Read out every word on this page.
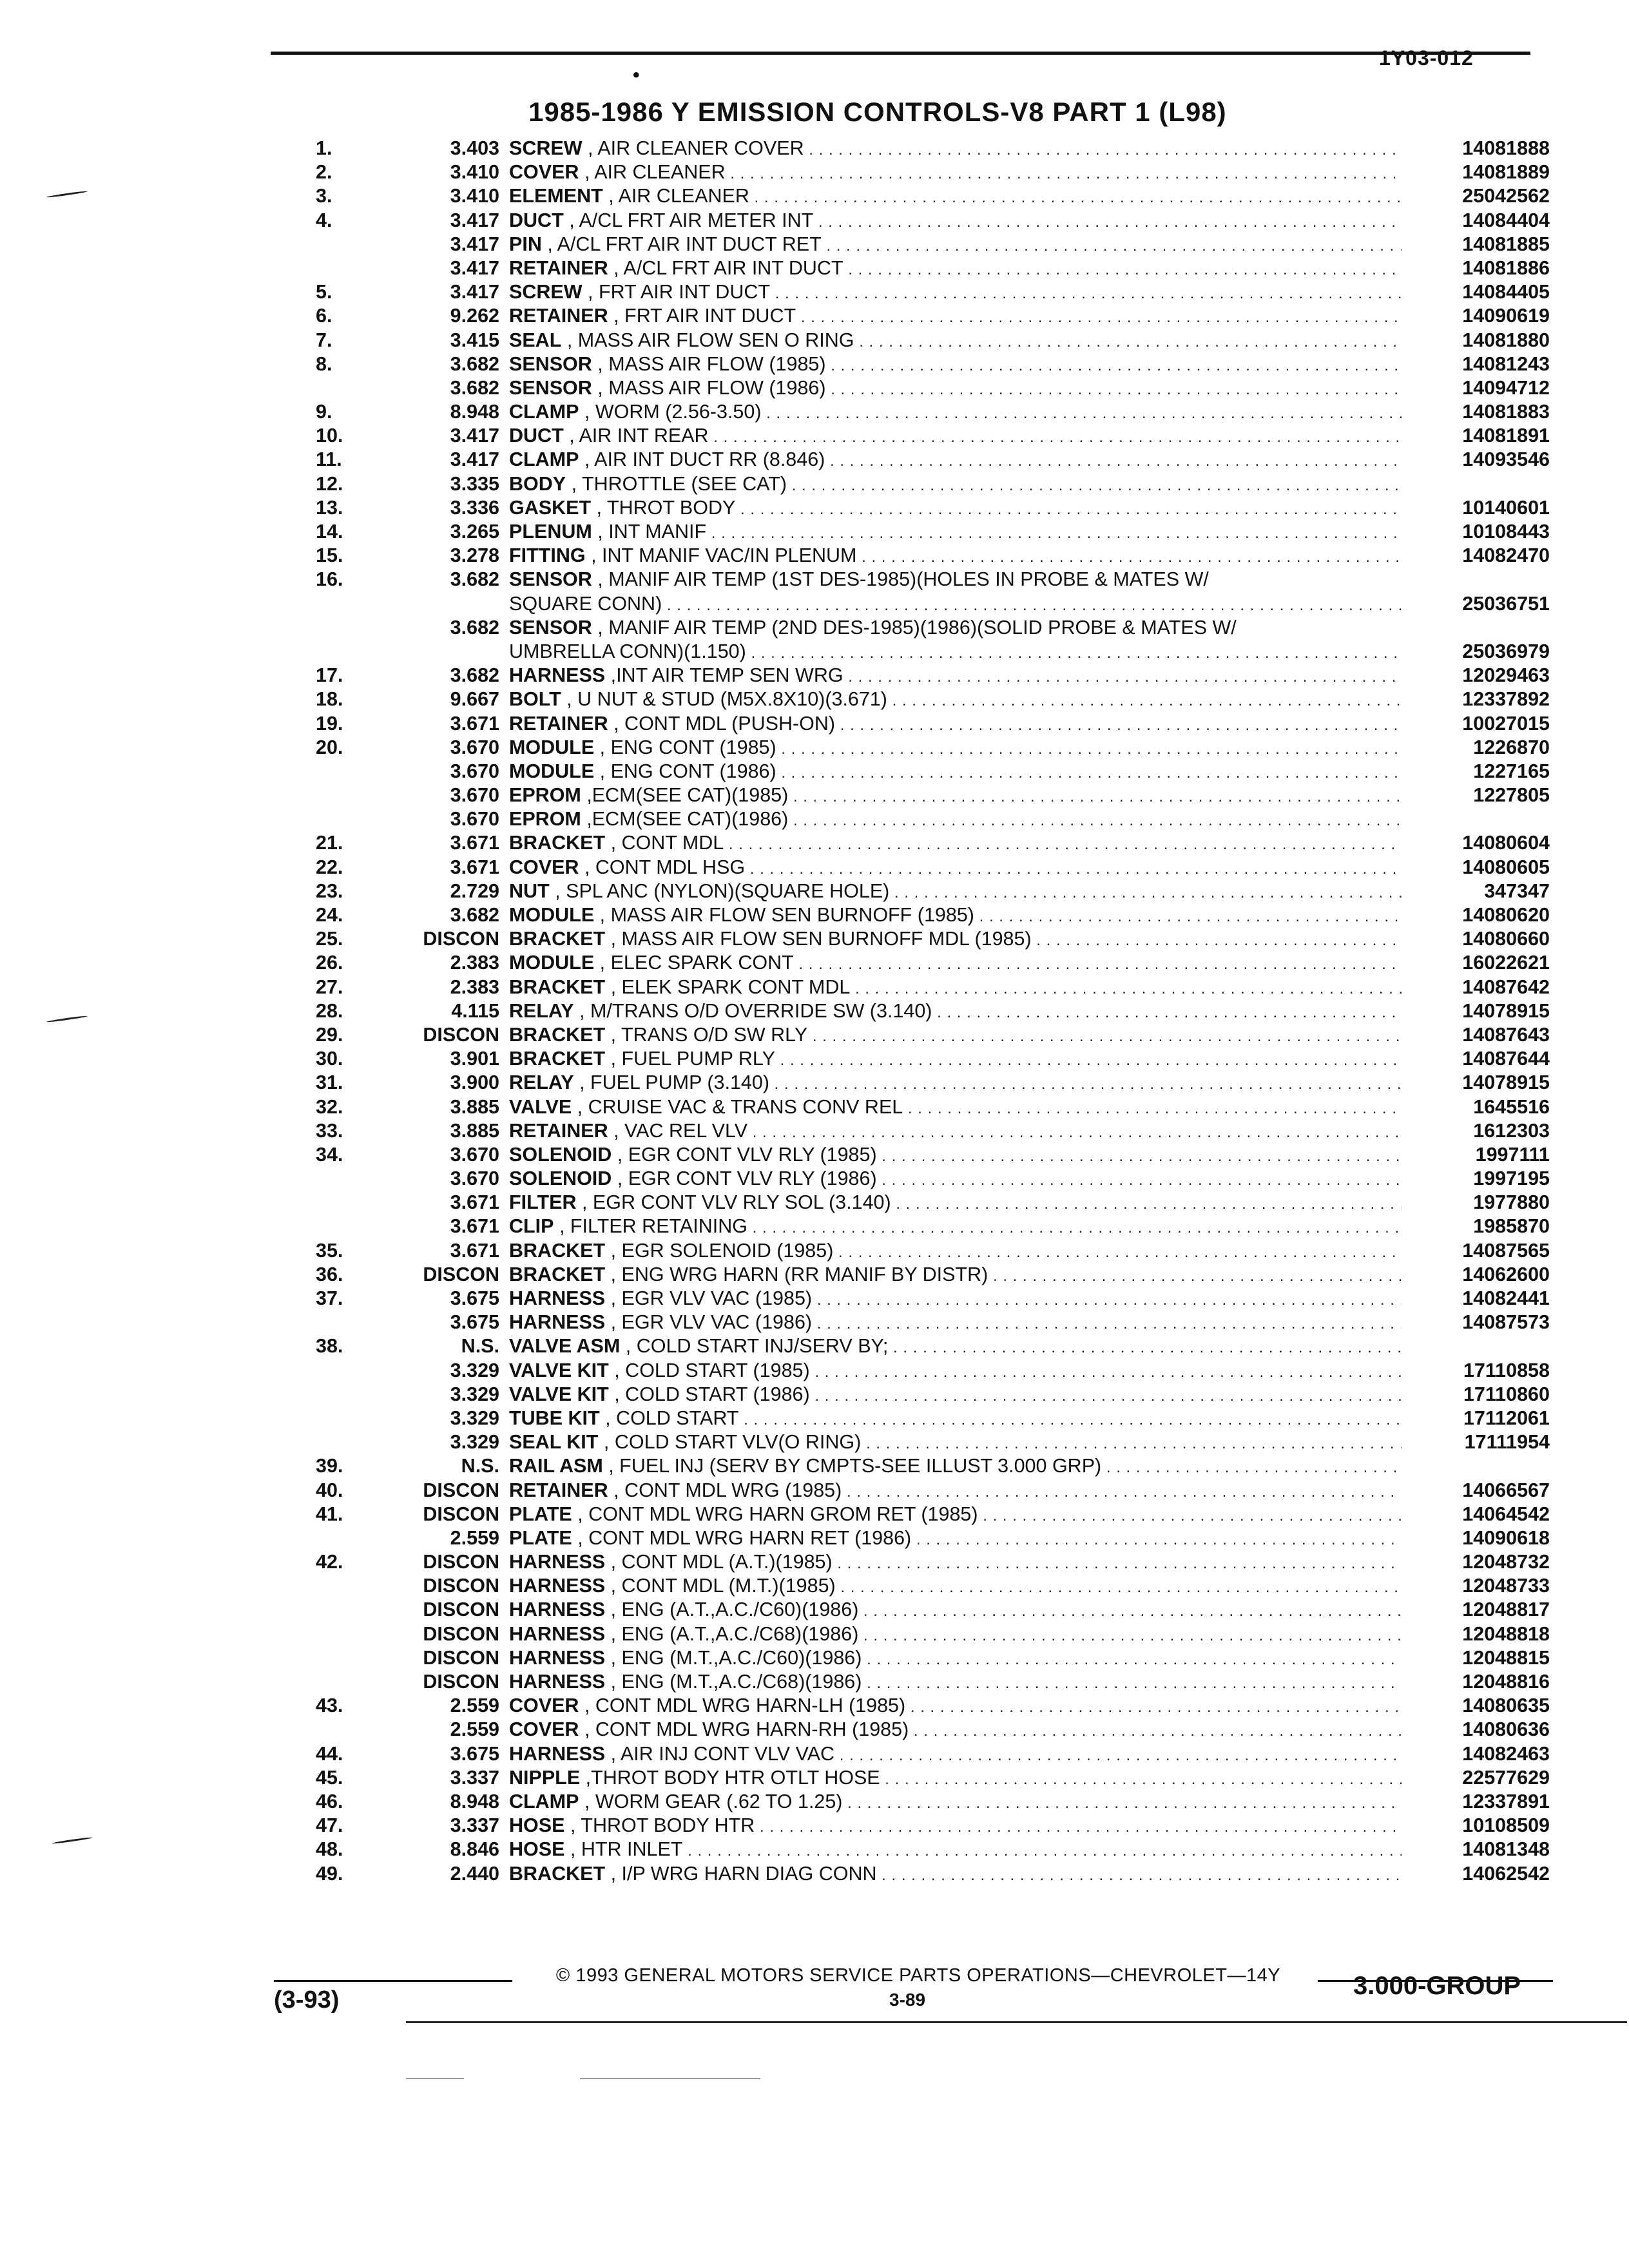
1Y03-012
•
1985-1986 Y EMISSION CONTROLS-V8 PART 1 (L98)
1.	3.403 SCREW , AIR CLEANER COVER . . .	14081888
2.	3.410 COVER , AIR CLEANER . . .	14081889
3.	3.410 ELEMENT , AIR CLEANER . . .	25042562
4.	3.417 DUCT , A/CL FRT AIR METER INT . . .	14084404
3.417 PIN , A/CL FRT AIR INT DUCT RET . . .	14081885
3.417 RETAINER , A/CL FRT AIR INT DUCT . . .	14081886
5.	3.417 SCREW , FRT AIR INT DUCT . . .	14084405
6.	9.262 RETAINER , FRT AIR INT DUCT . . .	14090619
7.	3.415 SEAL , MASS AIR FLOW SEN O RING . . .	14081880
8.	3.682 SENSOR , MASS AIR FLOW (1985) . . .	14081243
3.682 SENSOR , MASS AIR FLOW (1986) . . .	14094712
9.	8.948 CLAMP , WORM (2.56-3.50) . . .	14081883
10.	3.417 DUCT , AIR INT REAR . . .	14081891
11.	3.417 CLAMP , AIR INT DUCT RR (8.846) . . .	14093546
12.	3.335 BODY , THROTTLE (SEE CAT) . . .
13.	3.336 GASKET , THROT BODY . . .	10140601
14.	3.265 PLENUM , INT MANIF . . .	10108443
15.	3.278 FITTING , INT MANIF VAC/IN PLENUM . . .	14082470
16.	3.682 SENSOR , MANIF AIR TEMP (1ST DES-1985)(HOLES IN PROBE & MATES W/
SQUARE CONN) . . .	25036751
3.682 SENSOR , MANIF AIR TEMP (2ND DES-1985)(1986)(SOLID PROBE & MATES W/
UMBRELLA CONN)(1.150) . . .	25036979
17.	3.682 HARNESS ,INT AIR TEMP SEN WRG . . .	12029463
18.	9.667 BOLT , U NUT & STUD (M5X.8X10)(3.671) . . .	12337892
19.	3.671 RETAINER , CONT MDL (PUSH-ON) . . .	10027015
20.	3.670 MODULE , ENG CONT (1985) . . .	1226870
3.670 MODULE , ENG CONT (1986) . . .	1227165
3.670 EPROM ,ECM(SEE CAT)(1985) . . .	1227805
3.670 EPROM ,ECM(SEE CAT)(1986) . . .
21.	3.671 BRACKET , CONT MDL . . .	14080604
22.	3.671 COVER , CONT MDL HSG . . .	14080605
23.	2.729 NUT , SPL ANC (NYLON)(SQUARE HOLE) . . .	347347
24.	3.682 MODULE , MASS AIR FLOW SEN BURNOFF (1985) . . .	14080620
25.	DISCON BRACKET , MASS AIR FLOW SEN BURNOFF MDL (1985) . . .	14080660
26.	2.383 MODULE , ELEC SPARK CONT . . .	16022621
27.	2.383 BRACKET , ELEK SPARK CONT MDL . . .	14087642
28.	4.115 RELAY , M/TRANS O/D OVERRIDE SW (3.140) . . .	14078915
29.	DISCON BRACKET , TRANS O/D SW RLY . . .	14087643
30.	3.901 BRACKET , FUEL PUMP RLY . . .	14087644
31.	3.900 RELAY , FUEL PUMP (3.140) . . .	14078915
32.	3.885 VALVE , CRUISE VAC & TRANS CONV REL . . .	1645516
33.	3.885 RETAINER , VAC REL VLV . . .	1612303
34.	3.670 SOLENOID , EGR CONT VLV RLY (1985) . . .	1997111
3.670 SOLENOID , EGR CONT VLV RLY (1986) . . .	1997195
3.671 FILTER , EGR CONT VLV RLY SOL (3.140) . . .	1977880
3.671 CLIP , FILTER RETAINING . . .	1985870
35.	3.671 BRACKET , EGR SOLENOID (1985) . . .	14087565
36.	DISCON BRACKET , ENG WRG HARN (RR MANIF BY DISTR) . . .	14062600
37.	3.675 HARNESS , EGR VLV VAC (1985) . . .	14082441
3.675 HARNESS , EGR VLV VAC (1986) . . .	14087573
38.	N.S. VALVE ASM , COLD START INJ/SERV BY; . . .
3.329 VALVE KIT , COLD START (1985) . . .	17110858
3.329 VALVE KIT , COLD START (1986) . . .	17110860
3.329 TUBE KIT , COLD START . . .	17112061
3.329 SEAL KIT , COLD START VLV(O RING) . . .	17111954
39.	N.S. RAIL ASM , FUEL INJ (SERV BY CMPTS-SEE ILLUST 3.000 GRP) . . .
40.	DISCON RETAINER , CONT MDL WRG (1985) . . .	14066567
41.	DISCON PLATE , CONT MDL WRG HARN GROM RET (1985) . . .	14064542
2.559 PLATE , CONT MDL WRG HARN RET (1986) . . .	14090618
42.	DISCON HARNESS , CONT MDL (A.T.)(1985) . . .	12048732
DISCON HARNESS , CONT MDL (M.T.)(1985) . . .	12048733
DISCON HARNESS , ENG (A.T.,A.C./C60)(1986) . . .	12048817
DISCON HARNESS , ENG (A.T.,A.C./C68)(1986) . . .	12048818
DISCON HARNESS , ENG (M.T.,A.C./C60)(1986) . . .	12048815
DISCON HARNESS , ENG (M.T.,A.C./C68)(1986) . . .	12048816
43.	2.559 COVER , CONT MDL WRG HARN-LH (1985) . . .	14080635
2.559 COVER , CONT MDL WRG HARN-RH (1985) . . .	14080636
44.	3.675 HARNESS , AIR INJ CONT VLV VAC . . .	14082463
45.	3.337 NIPPLE ,THROT BODY HTR OTLT HOSE . . .	22577629
46.	8.948 CLAMP , WORM GEAR (.62 TO 1.25) . . .	12337891
47.	3.337 HOSE , THROT BODY HTR . . .	10108509
48.	8.846 HOSE , HTR INLET . . .	14081348
49.	2.440 BRACKET , I/P WRG HARN DIAG CONN . . .	14062542
© 1993 GENERAL MOTORS SERVICE PARTS OPERATIONS—CHEVROLET—14Y
(3-93)	3-89	3.000-GROUP
